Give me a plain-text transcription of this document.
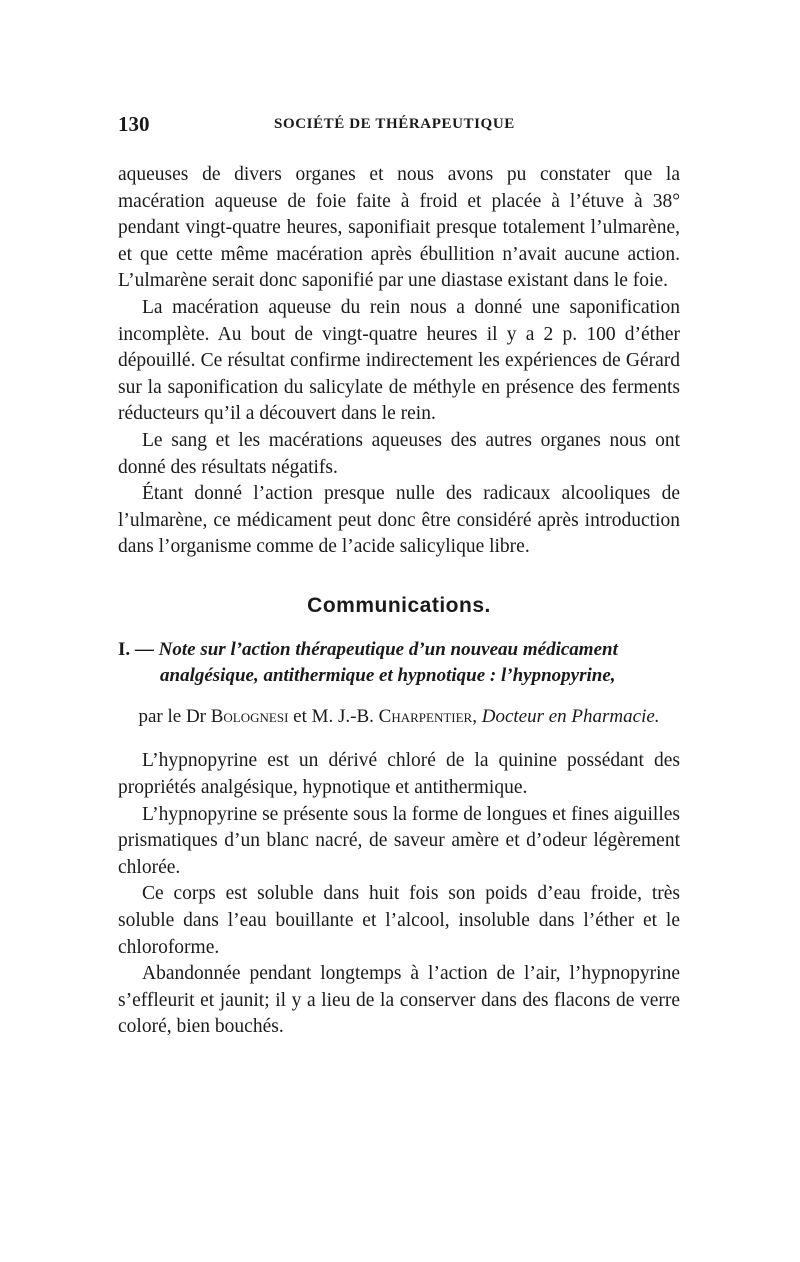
130	SOCIÉTÉ DE THÉRAPEUTIQUE

aqueuses de divers organes et nous avons pu constater que la macération aqueuse de foie faite à froid et placée à l’étuve à 38° pendant vingt-quatre heures, saponifiait presque totalement l’ulmarène, et que cette même macération après ébullition n’avait aucune action. L’ulmarène serait donc saponifié par une diastase existant dans le foie.

La macération aqueuse du rein nous a donné une saponification incomplète. Au bout de vingt-quatre heures il y a 2 p. 100 d’éther dépouillé. Ce résultat confirme indirectement les expériences de Gérard sur la saponification du salicylate de méthyle en présence des ferments réducteurs qu’il a découvert dans le rein.

Le sang et les macérations aqueuses des autres organes nous ont donné des résultats négatifs.

Étant donné l’action presque nulle des radicaux alcooliques de l’ulmarène, ce médicament peut donc être considéré après introduction dans l’organisme comme de l’acide salicylique libre.

Communications.
I. — Note sur l’action thérapeutique d’un nouveau médicament analgésique, antithermique et hypnotique : l’hypnopyrine,
par le Dr Bolognesi et M. J.-B. Charpentier, Docteur en Pharmacie.

L’hypnopyrine est un dérivé chloré de la quinine possédant des propriétés analgésique, hypnotique et antithermique.

L’hypnopyrine se présente sous la forme de longues et fines aiguilles prismatiques d’un blanc nacré, de saveur amère et d’odeur légèrement chlorée.

Ce corps est soluble dans huit fois son poids d’eau froide, très soluble dans l’eau bouillante et l’alcool, insoluble dans l’éther et le chloroforme.

Abandonnée pendant longtemps à l’action de l’air, l’hypnopyrine s’effleurit et jaunit; il y a lieu de la conserver dans des flacons de verre coloré, bien bouchés.
